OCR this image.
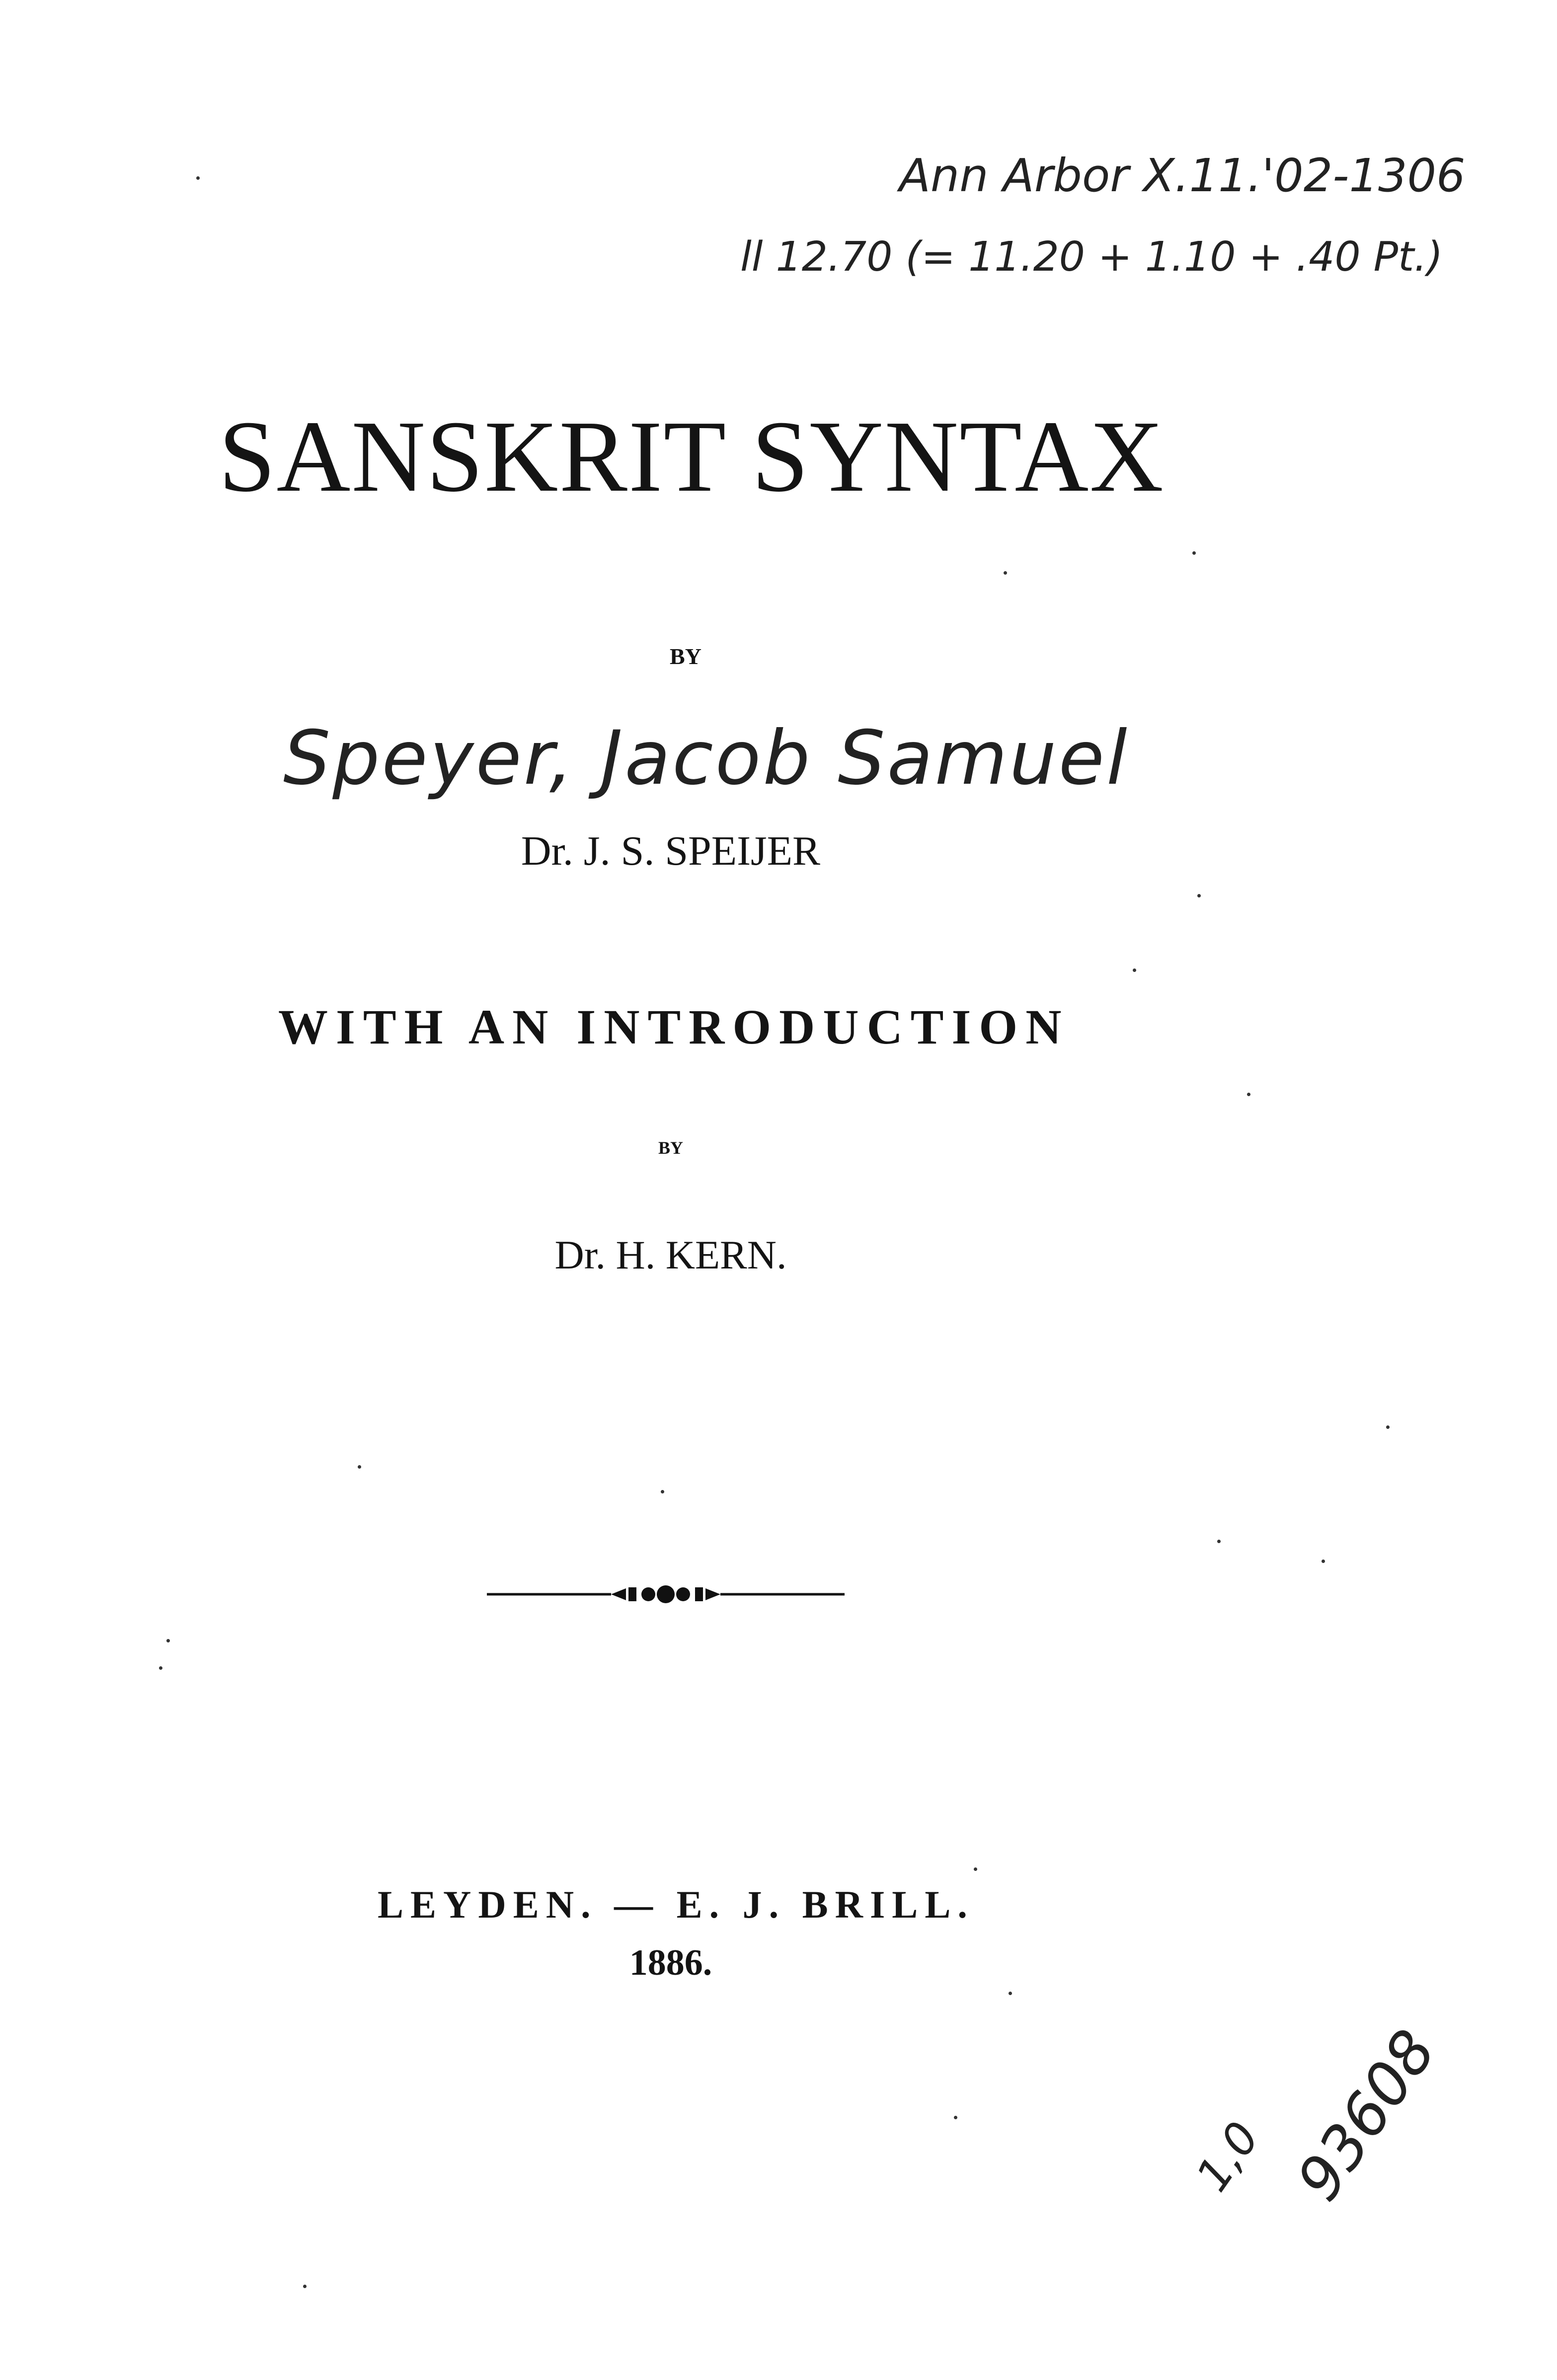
Ann Arbor X.11.'02-1306
ll 12.70 (= 11.20 + 1.10 + .40 Pt.)
SANSKRIT SYNTAX
BY
Speyer, Jacob Samuel
Dr. J. S. SPEIJER
WITH AN INTRODUCTION
BY
Dr. H. KERN.
LEYDEN. — E. J. BRILL.
1886.
1,0 93608
